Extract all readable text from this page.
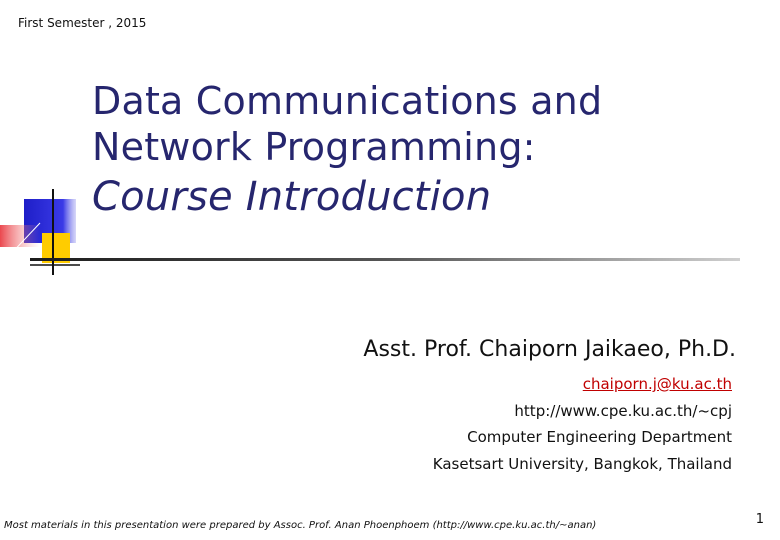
First Semester , 2015
Data Communications and
Network Programming:
Course Introduction
Asst. Prof. Chaiporn Jaikaeo, Ph.D.
chaiporn.j@ku.ac.th
http://www.cpe.ku.ac.th/~cpj
Computer Engineering Department
Kasetsart University, Bangkok, Thailand
Most materials in this presentation were prepared by Assoc. Prof. Anan Phoenphoem (http://www.cpe.ku.ac.th/~anan)	1
